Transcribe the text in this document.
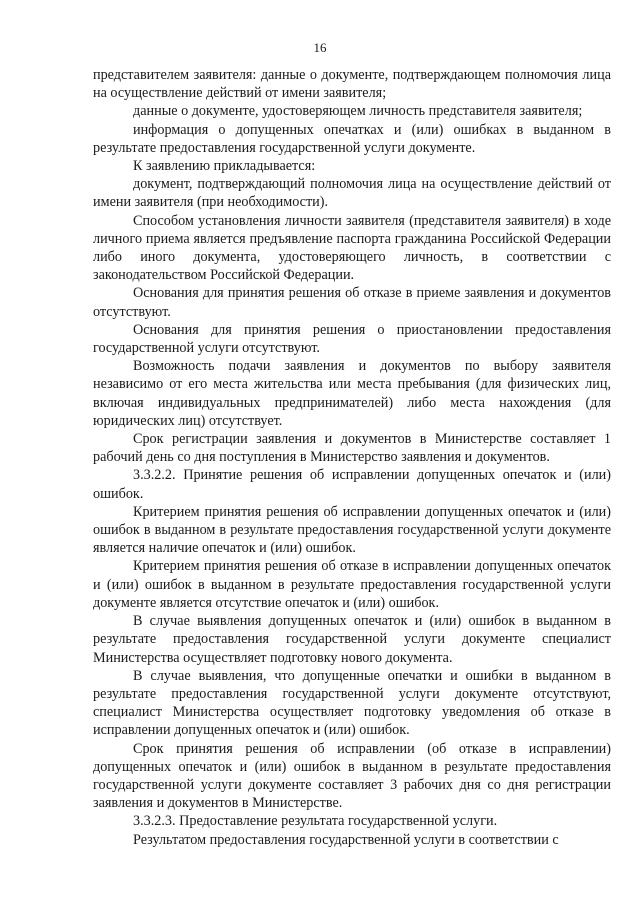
16

представителем заявителя: данные о документе, подтверждающем полномочия лица на осуществление действий от имени заявителя;

данные о документе, удостоверяющем личность представителя заявителя;

информация о допущенных опечатках и (или) ошибках в выданном в результате предоставления государственной услуги документе.

К заявлению прикладывается:

документ, подтверждающий полномочия лица на осуществление действий от имени заявителя (при необходимости).

Способом установления личности заявителя (представителя заявителя) в ходе личного приема является предъявление паспорта гражданина Российской Федерации либо иного документа, удостоверяющего личность, в соответствии с законодательством Российской Федерации.

Основания для принятия решения об отказе в приеме заявления и документов отсутствуют.

Основания для принятия решения о приостановлении предоставления государственной услуги отсутствуют.

Возможность подачи заявления и документов по выбору заявителя независимо от его места жительства или места пребывания (для физических лиц, включая индивидуальных предпринимателей) либо места нахождения (для юридических лиц) отсутствует.

Срок регистрации заявления и документов в Министерстве составляет 1 рабочий день со дня поступления в Министерство заявления и документов.

3.3.2.2. Принятие решения об исправлении допущенных опечаток и (или) ошибок.

Критерием принятия решения об исправлении допущенных опечаток и (или) ошибок в выданном в результате предоставления государственной услуги документе является наличие опечаток и (или) ошибок.

Критерием принятия решения об отказе в исправлении допущенных опечаток и (или) ошибок в выданном в результате предоставления государственной услуги документе является отсутствие опечаток и (или) ошибок.

В случае выявления допущенных опечаток и (или) ошибок в выданном в результате предоставления государственной услуги документе специалист Министерства осуществляет подготовку нового документа.

В случае выявления, что допущенные опечатки и ошибки в выданном в результате предоставления государственной услуги документе отсутствуют, специалист Министерства осуществляет подготовку уведомления об отказе в исправлении допущенных опечаток и (или) ошибок.

Срок принятия решения об исправлении (об отказе в исправлении) допущенных опечаток и (или) ошибок в выданном в результате предоставления государственной услуги документе составляет 3 рабочих дня со дня регистрации заявления и документов в Министерстве.

3.3.2.3. Предоставление результата государственной услуги.

Результатом предоставления государственной услуги в соответствии с
